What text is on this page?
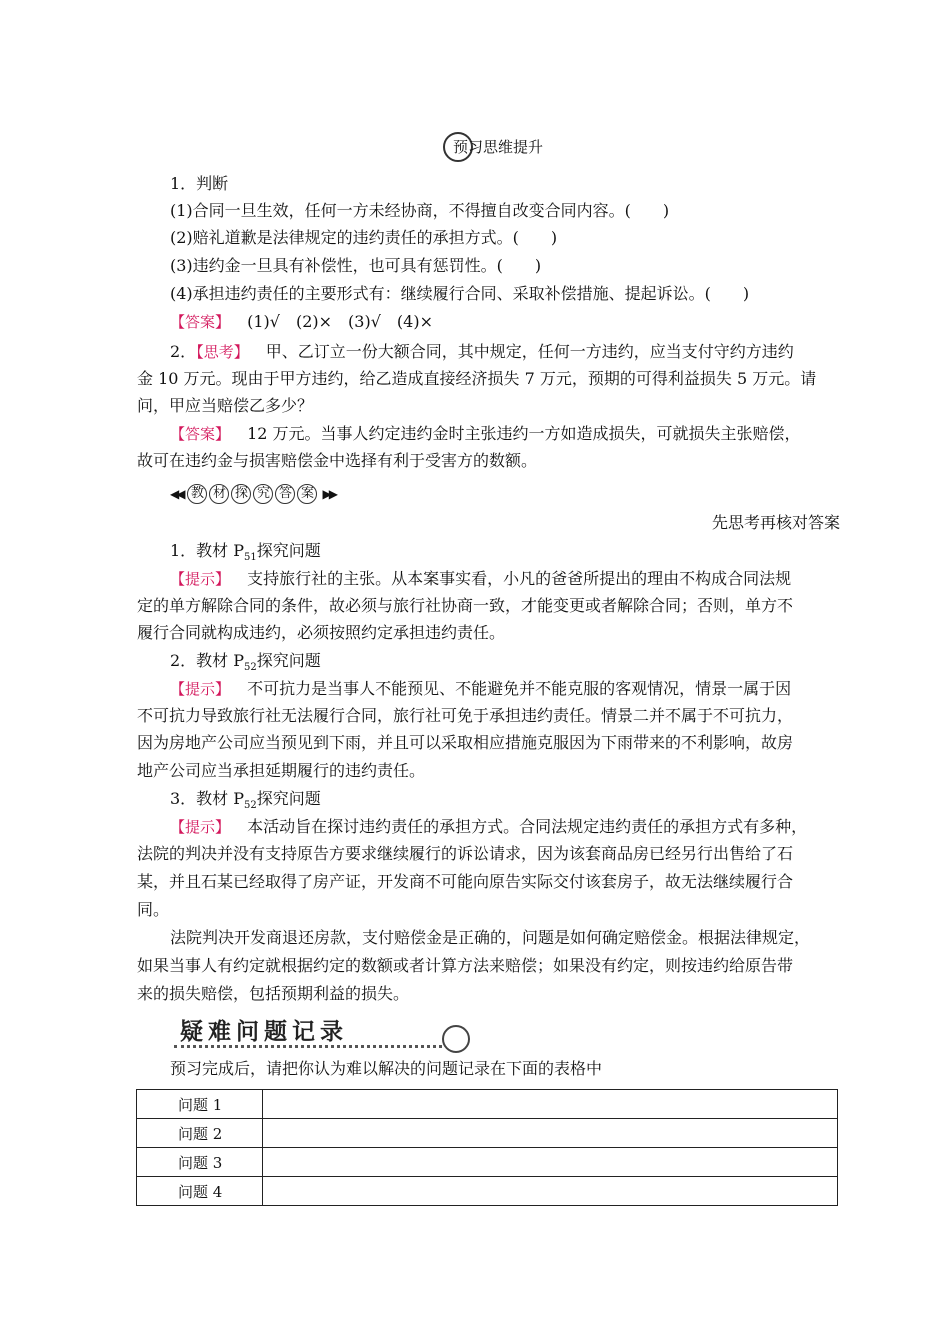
预习思维提升
1．判断
(1)合同一旦生效，任何一方未经协商，不得擅自改变合同内容。(　　)
(2)赔礼道歉是法律规定的违约责任的承担方式。(　　)
(3)违约金一旦具有补偿性，也可具有惩罚性。(　　)
(4)承担违约责任的主要形式有：继续履行合同、采取补偿措施、提起诉讼。(　　)
【答案】 (1)√　(2)×　(3)√　(4)×
2．【思考】 甲、乙订立一份大额合同，其中规定，任何一方违约，应当支付守约方违约
金 10 万元。现由于甲方违约，给乙造成直接经济损失 7 万元，预期的可得利益损失 5 万元。请
问，甲应当赔偿乙多少？
【答案】 12 万元。当事人约定违约金时主张违约一方如造成损失，可就损失主张赔偿，
故可在违约金与损害赔偿金中选择有利于受害方的数额。
◀◀ 教 材 探 究 答 案 ▶▶
先思考再核对答案
1．教材 $P_{51}$探究问题
【提示】 支持旅行社的主张。从本案事实看，小凡的爸爸所提出的理由不构成合同法规
定的单方解除合同的条件，故必须与旅行社协商一致，才能变更或者解除合同；否则，单方不
履行合同就构成违约，必须按照约定承担违约责任。
2．教材 $P_{52}$探究问题
【提示】 不可抗力是当事人不能预见、不能避免并不能克服的客观情况，情景一属于因
不可抗力导致旅行社无法履行合同，旅行社可免于承担违约责任。情景二并不属于不可抗力，
因为房地产公司应当预见到下雨，并且可以采取相应措施克服因为下雨带来的不利影响，故房
地产公司应当承担延期履行的违约责任。
3．教材 $P_{52}$探究问题
【提示】 本活动旨在探讨违约责任的承担方式。合同法规定违约责任的承担方式有多种，
法院的判决并没有支持原告方要求继续履行的诉讼请求，因为该套商品房已经另行出售给了石
某，并且石某已经取得了房产证，开发商不可能向原告实际交付该套房子，故无法继续履行合
同。
法院判决开发商退还房款，支付赔偿金是正确的，问题是如何确定赔偿金。根据法律规定，
如果当事人有约定就根据约定的数额或者计算方法来赔偿；如果没有约定，则按违约给原告带
来的损失赔偿，包括预期利益的损失。
疑难问题记录
预习完成后，请把你认为难以解决的问题记录在下面的表格中
问题 1	
问题 2	
问题 3	
问题 4	
